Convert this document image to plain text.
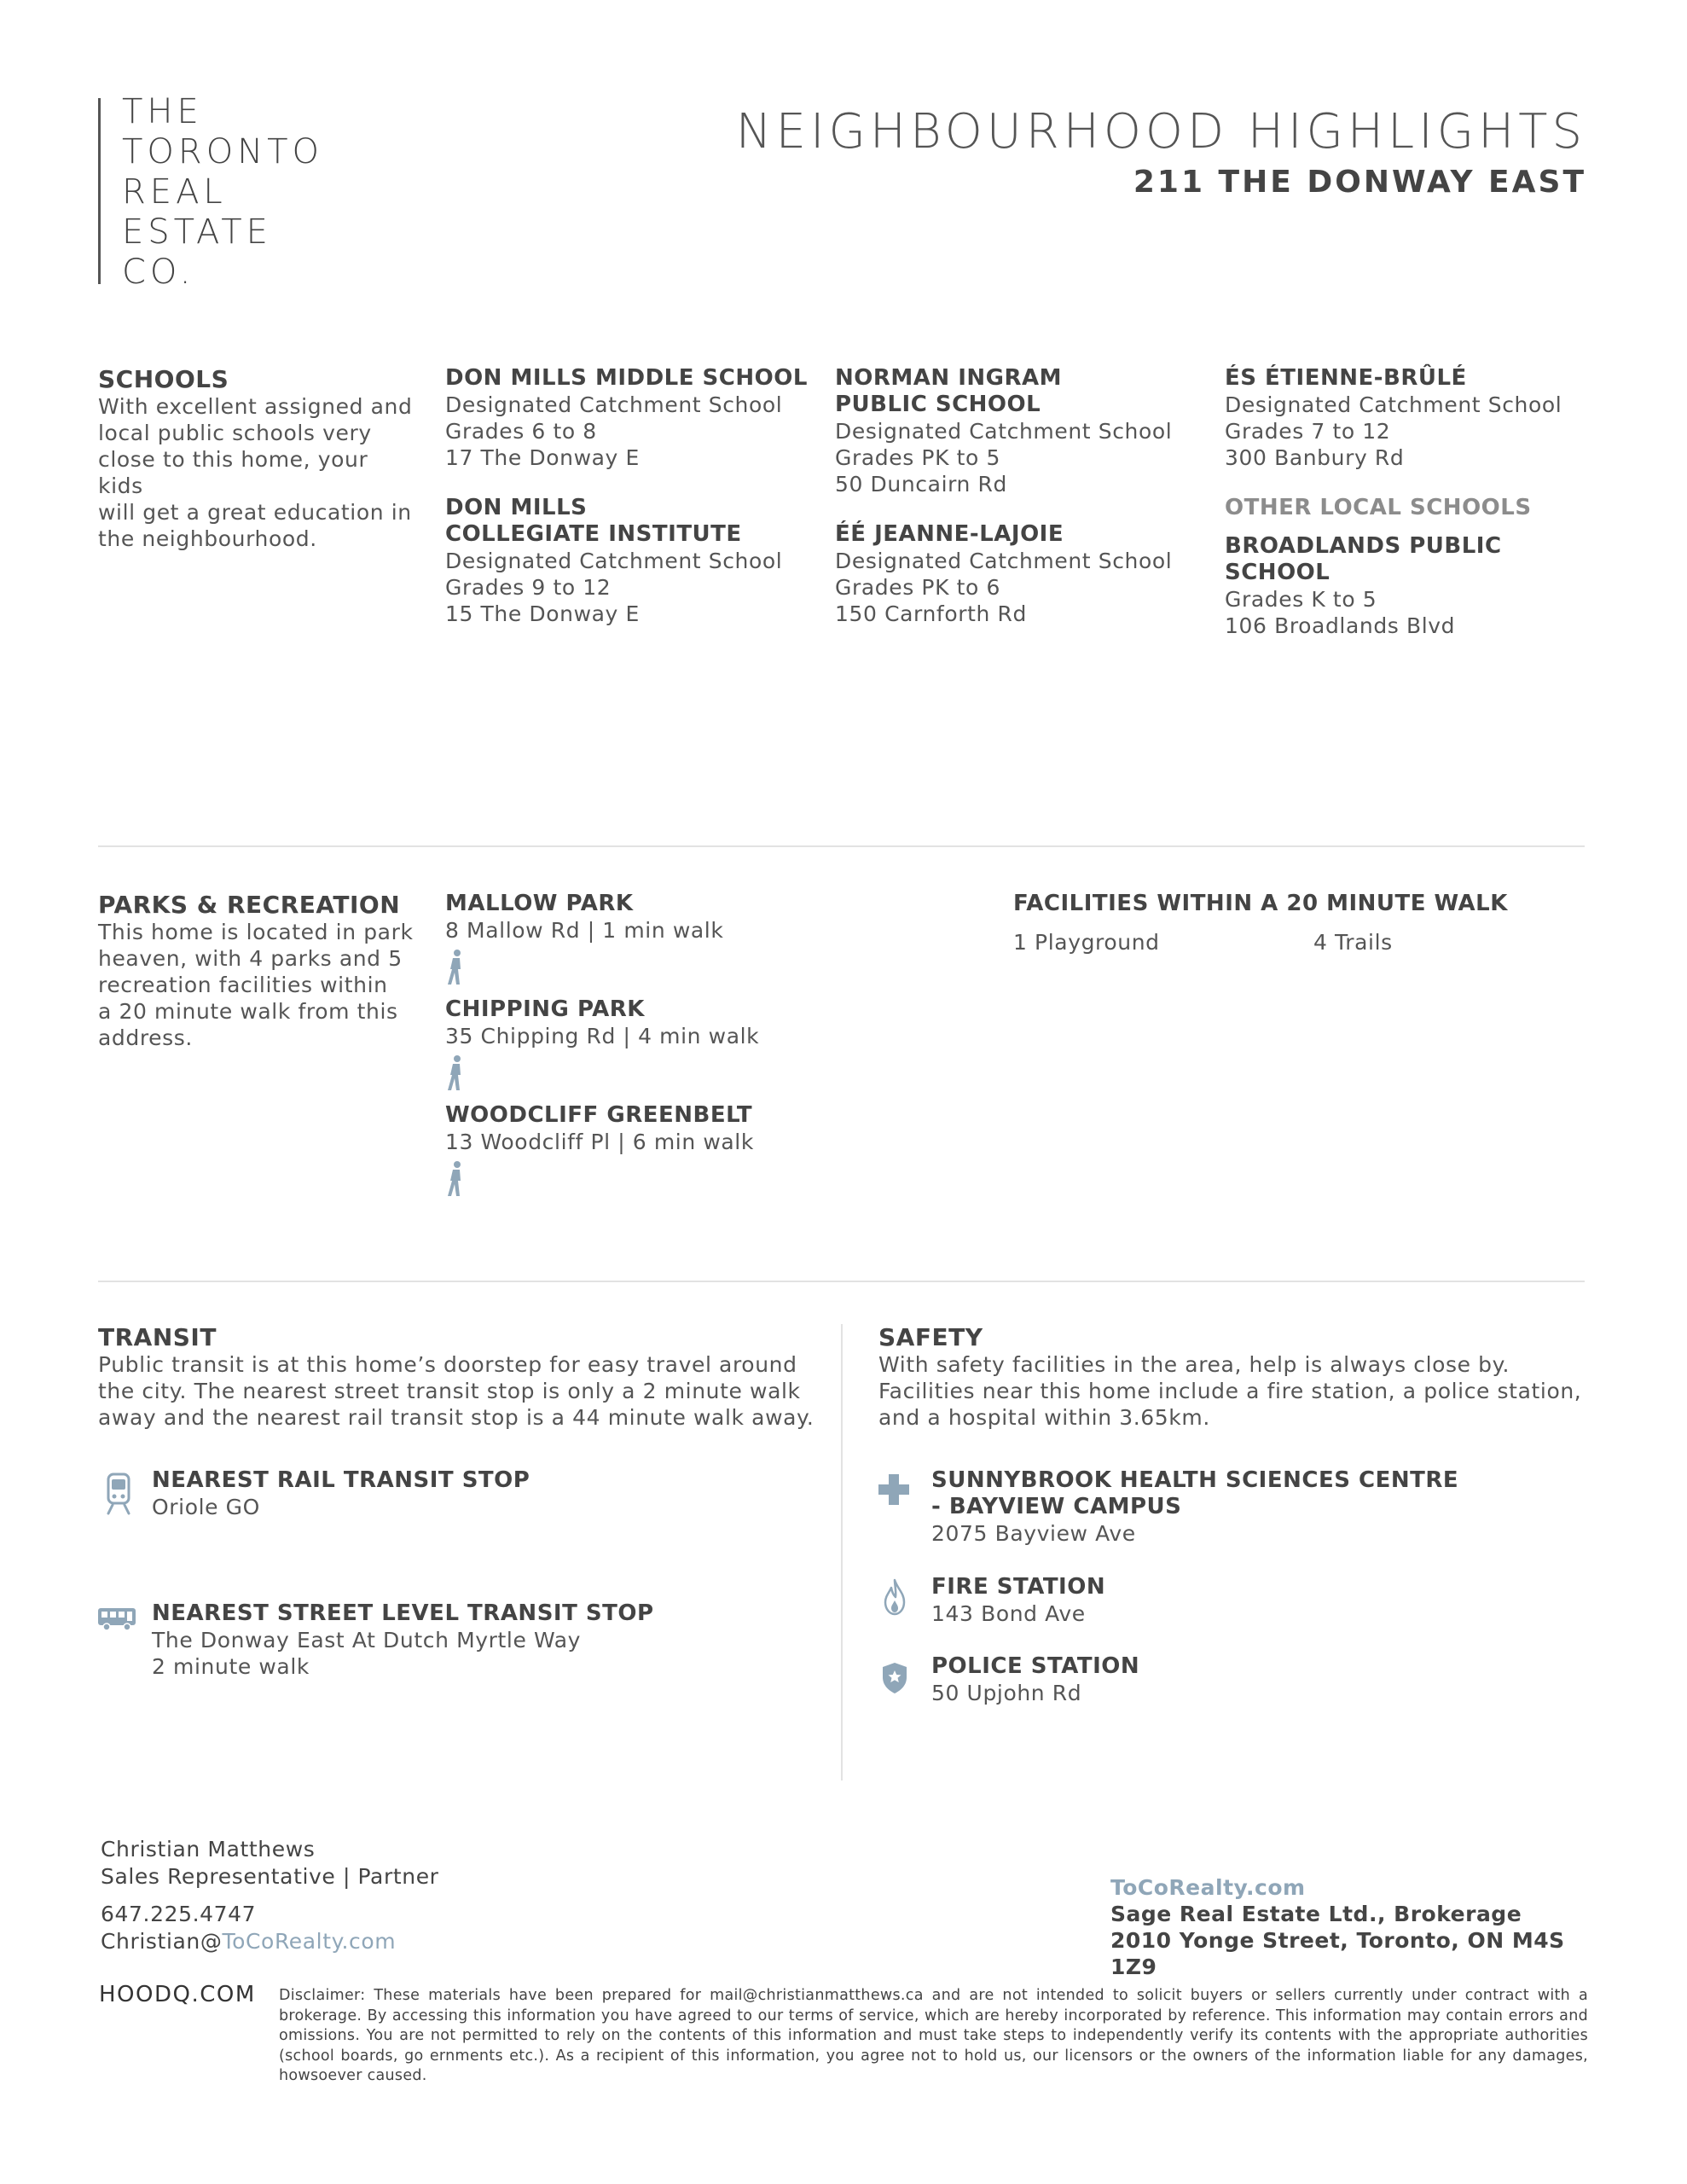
THE
TORONTO
REAL
ESTATE
CO.
NEIGHBOURHOOD HIGHLIGHTS
211 THE DONWAY EAST
SCHOOLS
With excellent assigned and
local public schools very
close to this home, your kids
will get a great education in
the neighbourhood.
DON MILLS MIDDLE SCHOOL
Designated Catchment School
Grades 6 to 8
17 The Donway E
DON MILLS
COLLEGIATE INSTITUTE
Designated Catchment School
Grades 9 to 12
15 The Donway E
NORMAN INGRAM
PUBLIC SCHOOL
Designated Catchment School
Grades PK to 5
50 Duncairn Rd
ÉÉ JEANNE-LAJOIE
Designated Catchment School
Grades PK to 6
150 Carnforth Rd
ÉS ÉTIENNE-BRÛLÉ
Designated Catchment School
Grades 7 to 12
300 Banbury Rd
OTHER LOCAL SCHOOLS
BROADLANDS PUBLIC SCHOOL
Grades K to 5
106 Broadlands Blvd
PARKS & RECREATION
This home is located in park
heaven, with 4 parks and 5
recreation facilities within
a 20 minute walk from this
address.
MALLOW PARK
8 Mallow Rd | 1 min walk
CHIPPING PARK
35 Chipping Rd | 4 min walk
WOODCLIFF GREENBELT
13 Woodcliff Pl | 6 min walk
FACILITIES WITHIN A 20 MINUTE WALK
1 Playground	4 Trails
TRANSIT
Public transit is at this home’s doorstep for easy travel around
the city. The nearest street transit stop is only a 2 minute walk
away and the nearest rail transit stop is a 44 minute walk away.
NEAREST RAIL TRANSIT STOP
Oriole GO
NEAREST STREET LEVEL TRANSIT STOP
The Donway East At Dutch Myrtle Way
2 minute walk
SAFETY
With safety facilities in the area, help is always close by.
Facilities near this home include a fire station, a police station,
and a hospital within 3.65km.
SUNNYBROOK HEALTH SCIENCES CENTRE
- BAYVIEW CAMPUS
2075 Bayview Ave
FIRE STATION
143 Bond Ave
POLICE STATION
50 Upjohn Rd
Christian Matthews
Sales Representative | Partner
647.225.4747
Christian@ToCoRealty.com
ToCoRealty.com
Sage Real Estate Ltd., Brokerage
2010 Yonge Street, Toronto, ON M4S 1Z9
HOODQ.COM Disclaimer: These materials have been prepared for mail@christianmatthews.ca and are not intended to solicit buyers or sellers currently under contract with a brokerage. By accessing this information you have agreed to our terms of service, which are hereby incorporated by reference. This information may contain errors and omissions. You are not permitted to rely on the contents of this information and must take steps to independently verify its contents with the appropriate authorities (school boards, go ernments etc.). As a recipient of this information, you agree not to hold us, our licensors or the owners of the information liable for any damages, howsoever caused.
